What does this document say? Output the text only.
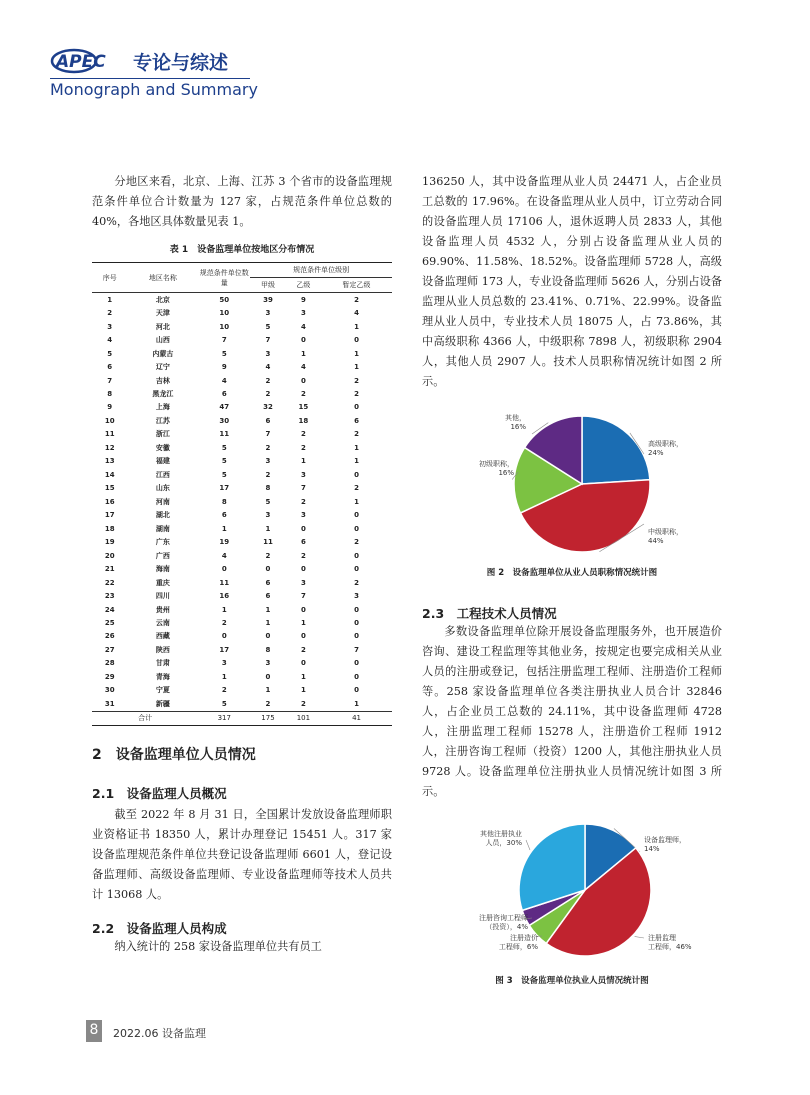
APEC 专论与综述
Monograph and Summary

分地区来看，北京、上海、江苏 3 个省市的设备监理规范条件单位合计数量为 127 家，占规范条件单位总数的 40%，各地区具体数量见表 1。

表 1　设备监理单位按地区分布情况
序号	地区名称	规范条件单位数量	规范条件单位级别		
			甲级	乙级	暂定乙级
1	北京	50	39	9	2
2	天津	10	3	3	4
3	河北	10	5	4	1
4	山西	7	7	0	0
5	内蒙古	5	3	1	1
6	辽宁	9	4	4	1
7	吉林	4	2	0	2
8	黑龙江	6	2	2	2
9	上海	47	32	15	0
10	江苏	30	6	18	6
11	浙江	11	7	2	2
12	安徽	5	2	2	1
13	福建	5	3	1	1
14	江西	5	2	3	0
15	山东	17	8	7	2
16	河南	8	5	2	1
17	湖北	6	3	3	0
18	湖南	1	1	0	0
19	广东	19	11	6	2
20	广西	4	2	2	0
21	海南	0	0	0	0
22	重庆	11	6	3	2
23	四川	16	6	7	3
24	贵州	1	1	0	0
25	云南	2	1	1	0
26	西藏	0	0	0	0
27	陕西	17	8	2	7
28	甘肃	3	3	0	0
29	青海	1	0	1	0
30	宁夏	2	1	1	0
31	新疆	5	2	2	1
合计		317	175	101	41
2　设备监理单位人员情况
2.1　设备监理人员概况

截至 2022 年 8 月 31 日，全国累计发放设备监理师职业资格证书 18350 人，累计办理登记 15451 人。317 家设备监理规范条件单位共登记设备监理师 6601 人，登记设备监理师、高级设备监理师、专业设备监理师等技术人员共计 13068 人。

2.2　设备监理人员构成

纳入统计的 258 家设备监理单位共有员工

136250 人，其中设备监理从业人员 24471 人，占企业员工总数的 17.96%。在设备监理从业人员中，订立劳动合同的设备监理人员 17106 人，退休返聘人员 2833 人，其他设备监理人员 4532 人，分别占设备监理从业人员的 69.90%、11.58%、18.52%。设备监理师 5728 人，高级设备监理师 173 人，专业设备监理师 5626 人，分别占设备监理从业人员总数的 23.41%、0.71%、22.99%。设备监理从业人员中，专业技术人员 18075 人，占 73.86%，其中高级职称 4366 人，中级职称 7898 人，初级职称 2904 人，其他人员 2907 人。技术人员职称情况统计如图 2 所示。

高级职称，
24%
中级职称，
44%
初级职称，
16%
其他，
16%
图 2　设备监理单位从业人员职称情况统计图
2.3　工程技术人员情况

多数设备监理单位除开展设备监理服务外，也开展造价咨询、建设工程监理等其他业务，按规定也要完成相关从业人员的注册或登记，包括注册监理工程师、注册造价工程师等。258 家设备监理单位各类注册执业人员合计 32846 人，占企业员工总数的 24.11%，其中设备监理师 4728 人，注册监理工程师 15278 人，注册造价工程师 1912 人，注册咨询工程师（投资）1200 人，其他注册执业人员 9728 人。设备监理单位注册执业人员情况统计如图 3 所示。

设备监理师，
14%
注册监理
工程师，46%
注册造价
工程师，6%
注册咨询工程师
（投资），4%
其他注册执业
人员，30%
图 3　设备监理单位执业人员情况统计图
8	2022.06 设备监理
